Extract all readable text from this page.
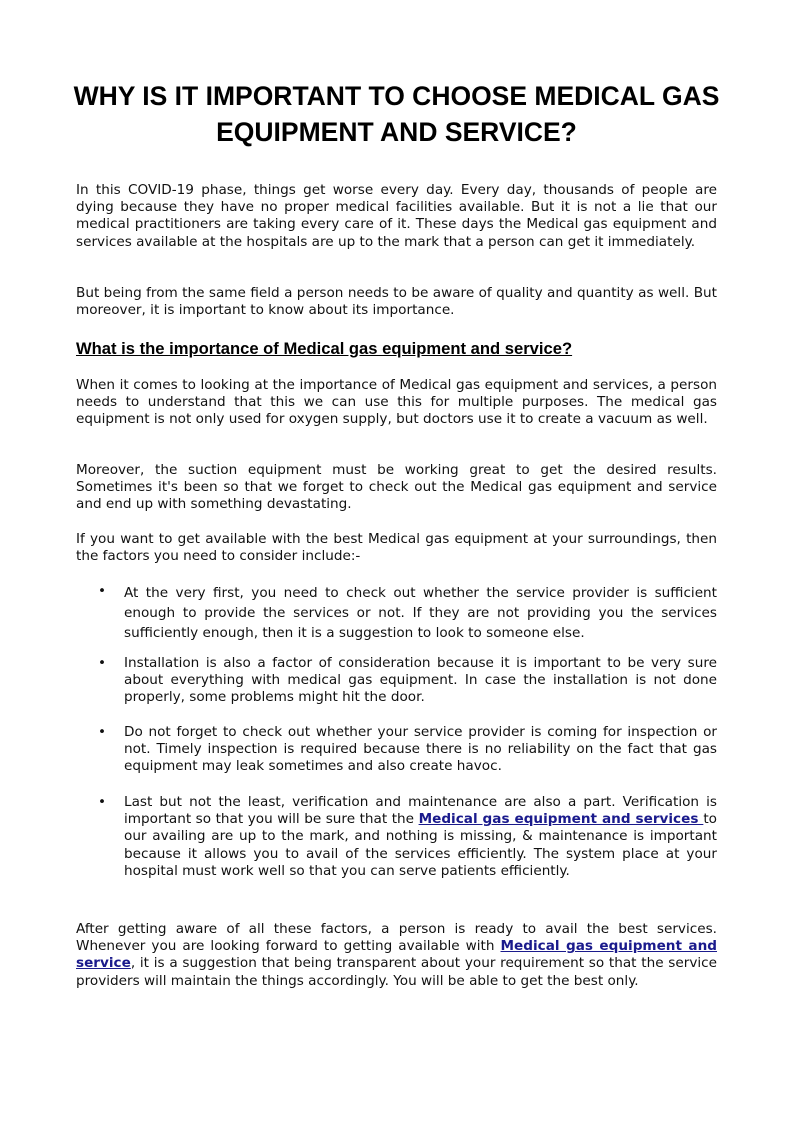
WHY IS IT IMPORTANT TO CHOOSE MEDICAL GAS EQUIPMENT AND SERVICE?

In this COVID-19 phase, things get worse every day. Every day, thousands of people are dying because they have no proper medical facilities available. But it is not a lie that our medical practitioners are taking every care of it. These days the Medical gas equipment and services available at the hospitals are up to the mark that a person can get it immediately.

But being from the same field a person needs to be aware of quality and quantity as well. But moreover, it is important to know about its importance.

What is the importance of Medical gas equipment and service?

When it comes to looking at the importance of Medical gas equipment and services, a person needs to understand that this we can use this for multiple purposes. The medical gas equipment is not only used for oxygen supply, but doctors use it to create a vacuum as well.

Moreover, the suction equipment must be working great to get the desired results. Sometimes it's been so that we forget to check out the Medical gas equipment and service and end up with something devastating.

If you want to get available with the best Medical gas equipment at your surroundings, then the factors you need to consider include:-

• At the very first, you need to check out whether the service provider is sufficient enough to provide the services or not. If they are not providing you the services sufficiently enough, then it is a suggestion to look to someone else.

• Installation is also a factor of consideration because it is important to be very sure about everything with medical gas equipment. In case the installation is not done properly, some problems might hit the door.

• Do not forget to check out whether your service provider is coming for inspection or not. Timely inspection is required because there is no reliability on the fact that gas equipment may leak sometimes and also create havoc.

• Last but not the least, verification and maintenance are also a part. Verification is important so that you will be sure that the Medical gas equipment and services to our availing are up to the mark, and nothing is missing, & maintenance is important because it allows you to avail of the services efficiently. The system place at your hospital must work well so that you can serve patients efficiently.

After getting aware of all these factors, a person is ready to avail the best services. Whenever you are looking forward to getting available with Medical gas equipment and service, it is a suggestion that being transparent about your requirement so that the service providers will maintain the things accordingly. You will be able to get the best only.
